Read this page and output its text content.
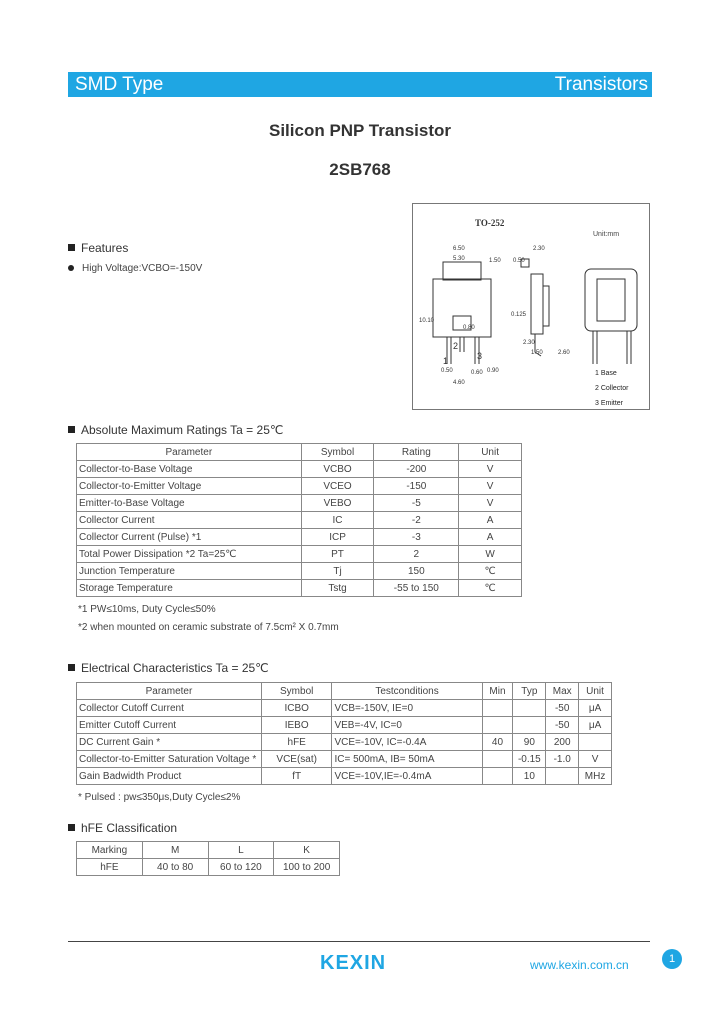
SMD Type	Transistors
Silicon PNP Transistor
2SB768
Features
High Voltage:VCBO=-150V
TO-252
Unit:mm
6.50
5.30
2.30
1.50 0.50
10.10
0.125
0.80
2.30
4.60
0.90
1.50	2.60
0.50	0.60
2
1	3
1 Base
2 Collector
3 Emitter
Absolute Maximum Ratings Ta = 25℃
Parameter	Symbol	Rating	Unit
Collector-to-Base Voltage	VCBO	-200	V
Collector-to-Emitter Voltage	VCEO	-150	V
Emitter-to-Base Voltage	VEBO	-5	V
Collector Current	IC	-2	A
Collector Current (Pulse) *1	ICP	-3	A
Total Power Dissipation *2 Ta=25℃	PT	2	W
Junction Temperature	Tj	150	℃
Storage Temperature	Tstg	-55 to 150	℃
*1 PW≤10ms, Duty Cycle≤50%
*2 when mounted on ceramic substrate of 7.5cm² X 0.7mm
Electrical Characteristics Ta = 25℃
Parameter	Symbol	Testconditions	Min	Typ	Max	Unit
Collector Cutoff Current	ICBO	VCB=-150V, IE=0			-50	μA
Emitter Cutoff Current	IEBO	VEB=-4V, IC=0			-50	μA
DC Current Gain *	hFE	VCE=-10V, IC=-0.4A	40	90	200	
Collector-to-Emitter Saturation Voltage *	VCE(sat)	IC= 500mA, IB= 50mA		-0.15	-1.0	V
Gain Badwidth Product	fT	VCE=-10V,IE=-0.4mA		10		MHz
* Pulsed : pw≤350μs,Duty Cycle≤2%
hFE Classification
Marking	M	L	K
hFE	40 to 80	60 to 120	100 to 200
KEXIN	www.kexin.com.cn	1
